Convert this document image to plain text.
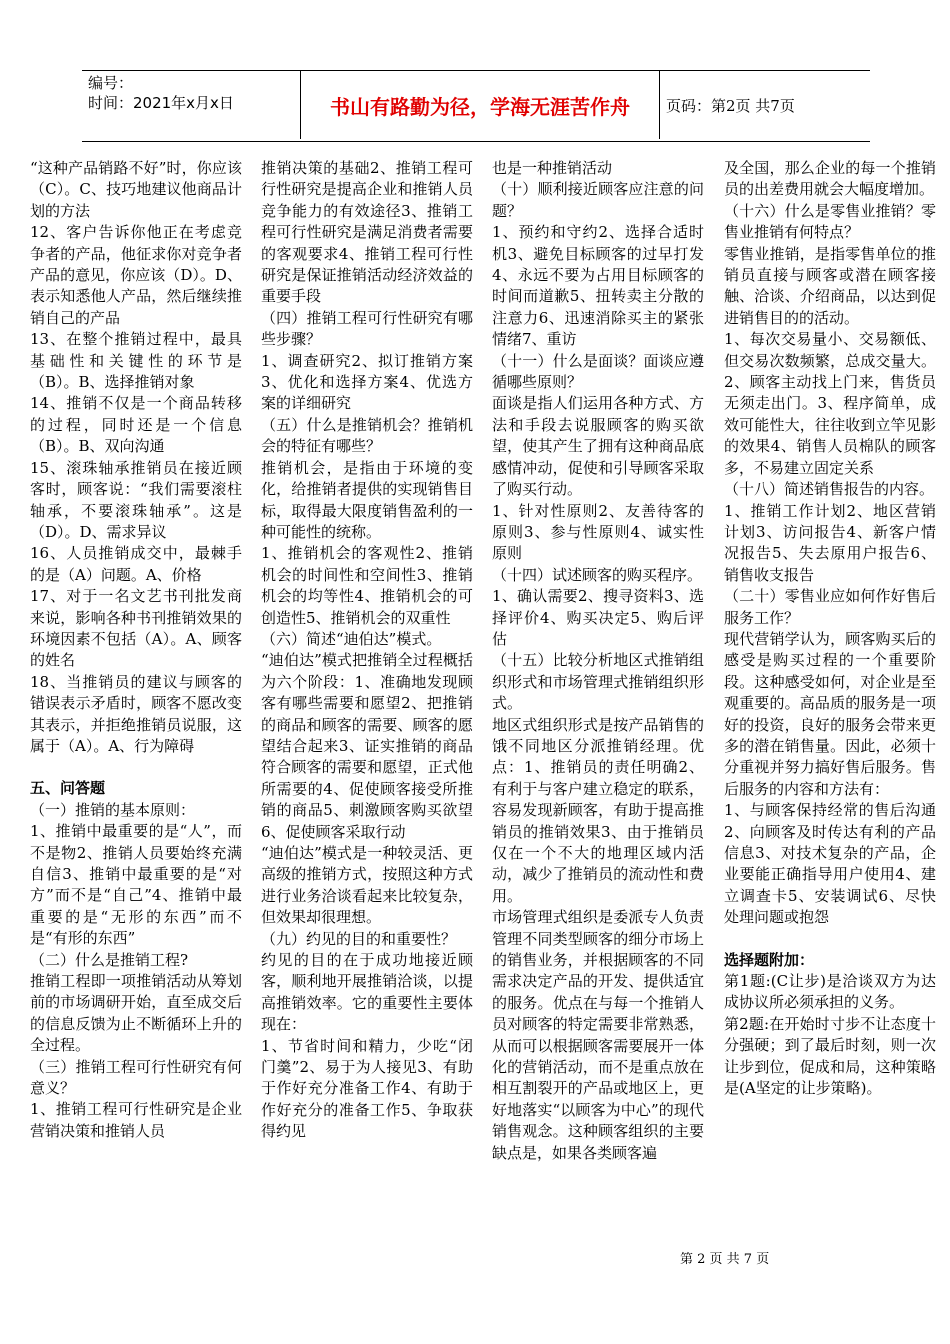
编号：
时间：2021年x月x日	书山有路勤为径，学海无涯苦作舟	页码：第2页 共7页

“这种产品销路不好”时，你应该（C）。C、技巧地建议他商品计划的方法

12、客户告诉你他正在考虑竞争者的产品，他征求你对竞争者产品的意见，你应该（D）。D、表示知悉他人产品，然后继续推销自己的产品

13、在整个推销过程中，最具基础性和关键性的环节是（B）。B、选择推销对象

14、推销不仅是一个商品转移的过程，同时还是一个信息（B）。B、双向沟通

15、滚珠轴承推销员在接近顾客时，顾客说：“我们需要滚柱轴承，不要滚珠轴承”。这是（D）。D、需求异议

16、人员推销成交中，最棘手的是（A）问题。A、价格

17、对于一名文艺书刊批发商来说，影响各种书刊推销效果的环境因素不包括（A）。A、顾客的姓名

18、当推销员的建议与顾客的错误表示矛盾时，顾客不愿改变其表示，并拒绝推销员说服，这属于（A）。A、行为障碍

五、问答题

（一）推销的基本原则：

1、推销中最重要的是“人”，而不是物2、推销人员要始终充满自信3、推销中最重要的是“对方”而不是“自己”4、推销中最重要的是“无形的东西”而不是“有形的东西”

（二）什么是推销工程?

推销工程即一项推销活动从筹划前的市场调研开始，直至成交后的信息反馈为止不断循环上升的全过程。

（三）推销工程可行性研究有何意义？

1、推销工程可行性研究是企业营销决策和推销人员

推销决策的基础2、推销工程可行性研究是提高企业和推销人员竞争能力的有效途径3、推销工程可行性研究是满足消费者需要的客观要求4、推销工程可行性研究是保证推销活动经济效益的重要手段

（四）推销工程可行性研究有哪些步骤？

1、调查研究2、拟订推销方案3、优化和选择方案4、优选方案的详细研究

（五）什么是推销机会？推销机会的特征有哪些？

推销机会，是指由于环境的变化，给推销者提供的实现销售目标，取得最大限度销售盈利的一种可能性的统称。

1、推销机会的客观性2、推销机会的时间性和空间性3、推销机会的均等性4、推销机会的可创造性5、推销机会的双重性

（六）简述“迪伯达”模式。

“迪伯达”模式把推销全过程概括为六个阶段：1、准确地发现顾客有哪些需要和愿望2、把推销的商品和顾客的需要、顾客的愿望结合起来3、证实推销的商品符合顾客的需要和愿望，正式他所需要的4、促使顾客接受所推销的商品5、刺激顾客购买欲望6、促使顾客采取行动

“迪伯达”模式是一种较灵活、更高级的推销方式，按照这种方式进行业务洽谈看起来比较复杂，但效果却很理想。

（九）约见的目的和重要性？

约见的目的在于成功地接近顾客，顺利地开展推销洽谈，以提高推销效率。它的重要性主要体现在：

1、节省时间和精力，少吃“闭门羹”2、易于为人接见3、有助于作好充分准备工作4、有助于作好充分的准备工作5、争取获得约见

也是一种推销活动

（十）顺利接近顾客应注意的问题？

1、预约和守约2、选择合适时机3、避免目标顾客的过早打发4、永远不要为占用目标顾客的时间而道歉5、扭转卖主分散的注意力6、迅速消除买主的紧张情绪7、重访

（十一）什么是面谈？面谈应遵循哪些原则？

面谈是指人们运用各种方式、方法和手段去说服顾客的购买欲望，使其产生了拥有这种商品底感情冲动，促使和引导顾客采取了购买行动。

1、针对性原则2、友善待客的原则3、参与性原则4、诚实性原则

（十四）试述顾客的购买程序。

1、确认需要2、搜寻资料3、选择评价4、购买决定5、购后评估

（十五）比较分析地区式推销组织形式和市场管理式推销组织形式。

地区式组织形式是按产品销售的饿不同地区分派推销经理。优点：1、推销员的责任明确2、有利于与客户建立稳定的联系，容易发现新顾客，有助于提高推销员的推销效果3、由于推销员仅在一个不大的地理区域内活动，减少了推销员的流动性和费用。

市场管理式组织是委派专人负责管理不同类型顾客的细分市场上的销售业务，并根据顾客的不同需求决定产品的开发、提供适宜的服务。优点在与每一个推销人员对顾客的特定需要非常熟悉，从而可以根据顾客需要展开一体化的营销活动，而不是重点放在相互割裂开的产品或地区上，更好地落实“以顾客为中心”的现代销售观念。这种顾客组织的主要缺点是，如果各类顾客遍

及全国，那么企业的每一个推销员的出差费用就会大幅度增加。

（十六）什么是零售业推销？零售业推销有何特点？

零售业推销，是指零售单位的推销员直接与顾客或潜在顾客接触、洽谈、介绍商品，以达到促进销售目的的活动。

1、每次交易量小、交易额低、但交易次数频繁，总成交量大。2、顾客主动找上门来，售货员无须走出门。3、程序简单，成效可能性大，往往收到立竿见影的效果4、销售人员棉队的顾客多，不易建立固定关系

（十八）简述销售报告的内容。

1、推销工作计划2、地区营销计划3、访问报告4、新客户情况报告5、失去原用户报告6、销售收支报告

（二十）零售业应如何作好售后服务工作？

现代营销学认为，顾客购买后的感受是购买过程的一个重要阶段。这种感受如何，对企业是至观重要的。高品质的服务是一项好的投资，良好的服务会带来更多的潜在销售量。因此，必须十分重视并努力搞好售后服务。售后服务的内容和方法有：

1、与顾客保持经常的售后沟通2、向顾客及时传达有利的产品信息3、对技术复杂的产品，企业要能正确指导用户使用4、建立调查卡5、安装调试6、尽快处理问题或抱怨

选择题附加：

第1题:(C让步)是洽谈双方为达成协议所必须承担的义务。

第2题:在开始时寸步不让态度十分强硬；到了最后时刻，则一次让步到位，促成和局，这种策略是(A坚定的让步策略)。

第 2 页 共 7 页
